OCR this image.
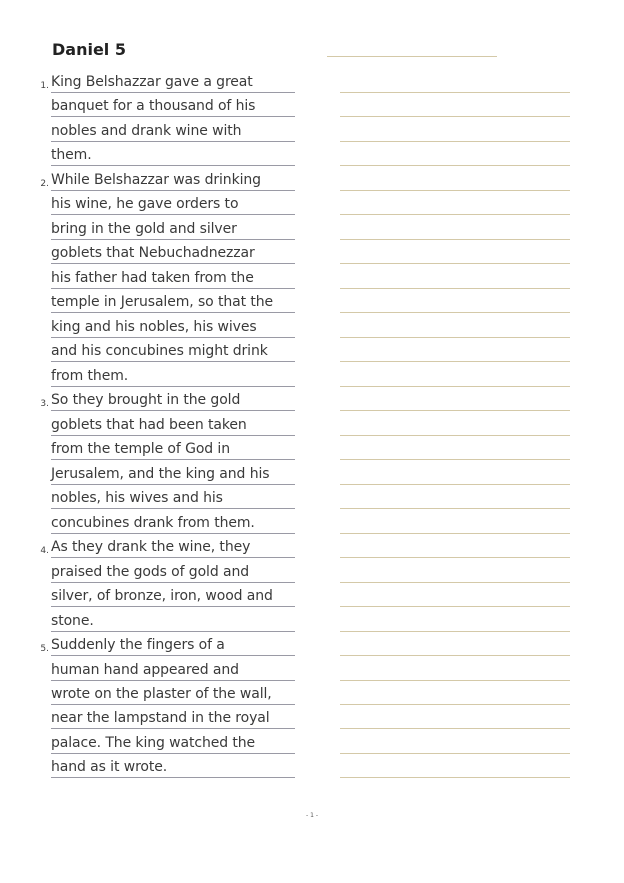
Daniel 5
1. King Belshazzar gave a great
banquet for a thousand of his
nobles and drank wine with
them.
2. While Belshazzar was drinking
his wine, he gave orders to
bring in the gold and silver
goblets that Nebuchadnezzar
his father had taken from the
temple in Jerusalem, so that the
king and his nobles, his wives
and his concubines might drink
from them.
3. So they brought in the gold
goblets that had been taken
from the temple of God in
Jerusalem, and the king and his
nobles, his wives and his
concubines drank from them.
4. As they drank the wine, they
praised the gods of gold and
silver, of bronze, iron, wood and
stone.
5. Suddenly the fingers of a
human hand appeared and
wrote on the plaster of the wall,
near the lampstand in the royal
palace. The king watched the
hand as it wrote.
- 1 -
